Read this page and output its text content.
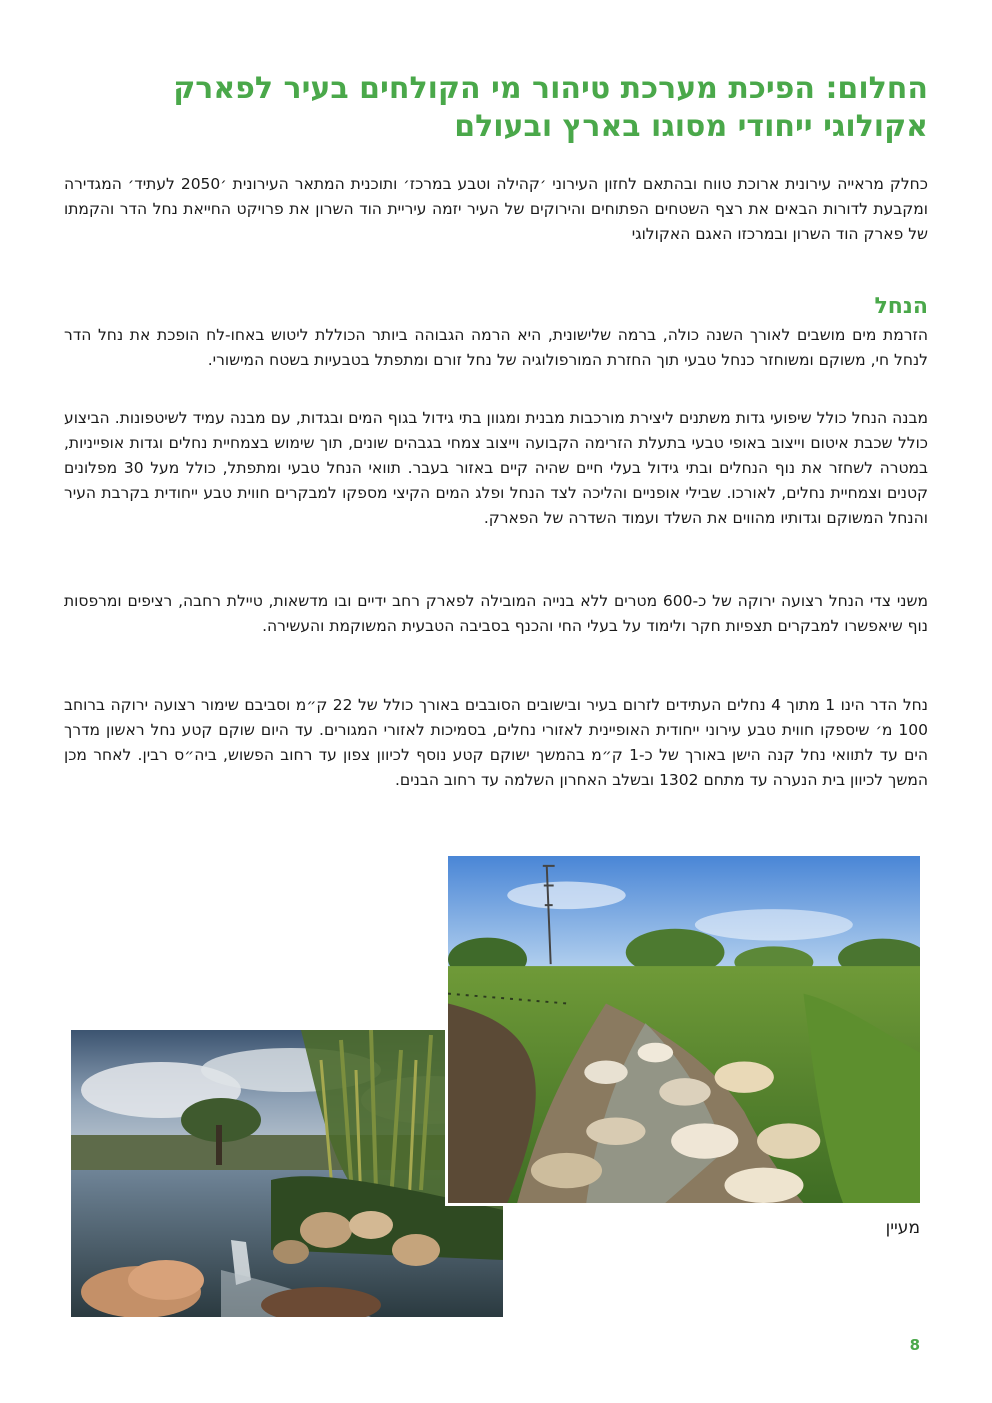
החלום: הפיכת מערכת טיהור מי הקולחים בעיר לפארק אקולוגי ייחודי מסוגו בארץ ובעולם

כחלק מראייה עירונית ארוכת טווח ובהתאם לחזון העירוני ׳קהילה וטבע במרכז׳ ותוכנית המתאר העירונית ׳2050 לעתיד׳ המגדירה ומקבעת לדורות הבאים את רצף השטחים הפתוחים והירוקים של העיר יזמה עיריית הוד השרון את פרויקט החייאת נחל הדר והקמתו של פארק הוד השרון ובמרכזו האגם האקולוגי

הנחל

הזרמת מים מושבים לאורך השנה כולה, ברמה שלישונית, היא הרמה הגבוהה ביותר הכוללת ליטוש באחו-לח הופכת את נחל הדר לנחל חי, משוקם ומשוחזר כנחל טבעי תוך החזרת המורפולוגיה של נחל זורם ומתפתל בטבעיות בשטח המישורי.

מבנה הנחל כולל שיפועי גדות משתנים ליצירת מורכבות מבנית ומגוון בתי גידול בגוף המים ובגדות, עם מבנה עמיד לשיטפונות. הביצוע כולל שכבת איטום וייצוב באופי טבעי בתעלת הזרימה הקבועה וייצוב צמחי בגבהים שונים, תוך שימוש בצמחיית נחלים וגדות אופייניות, במטרה לשחזר את נוף הנחלים ובתי גידול בעלי חיים שהיה קיים באזור בעבר. תוואי הנחל טבעי ומתפתל, כולל מעל 30 מפלונים קטנים וצמחיית נחלים, לאורכו. שבילי אופניים והליכה לצד הנחל ופלג המים הקיצי מספקו למבקרים חווית טבע ייחודית בקרבת העיר והנחל המשוקם וגדותיו מהווים את השלד ועמוד השדרה של הפארק.

משני צדי הנחל רצועה ירוקה של כ-600 מטרים ללא בנייה המובילה לפארק רחב ידיים ובו מדשאות, טיילת רחבה, רציפים ומרפסות נוף שיאפשרו למבקרים תצפיות חקר ולימוד על בעלי החי והכנף בסביבה הטבעית המשוקמת והעשירה.

נחל הדר הינו 1 מתוך 4 נחלים העתידים לזרום בעיר ובישובים הסובבים באורך כולל של 22 ק״מ וסביבם שימור רצועה ירוקה ברוחב 100 מ׳ שיספקו חווית טבע עירוני ייחודית האופיינית לאזורי נחלים, בסמיכות לאזורי המגורים. עד היום שוקם קטע נחל ראשון מדרך הים עד לתוואי נחל קנה הישן באורך של כ-1 ק״מ בהמשך ישוקם קטע נוסף לכיוון צפון עד רחוב הפשוש, ביה״ס רבין. לאחר מכן המשך לכיוון בית הנערה עד מתחם 1302 ובשלב האחרון השלמה עד רחוב הבנים.

מעיין
8
